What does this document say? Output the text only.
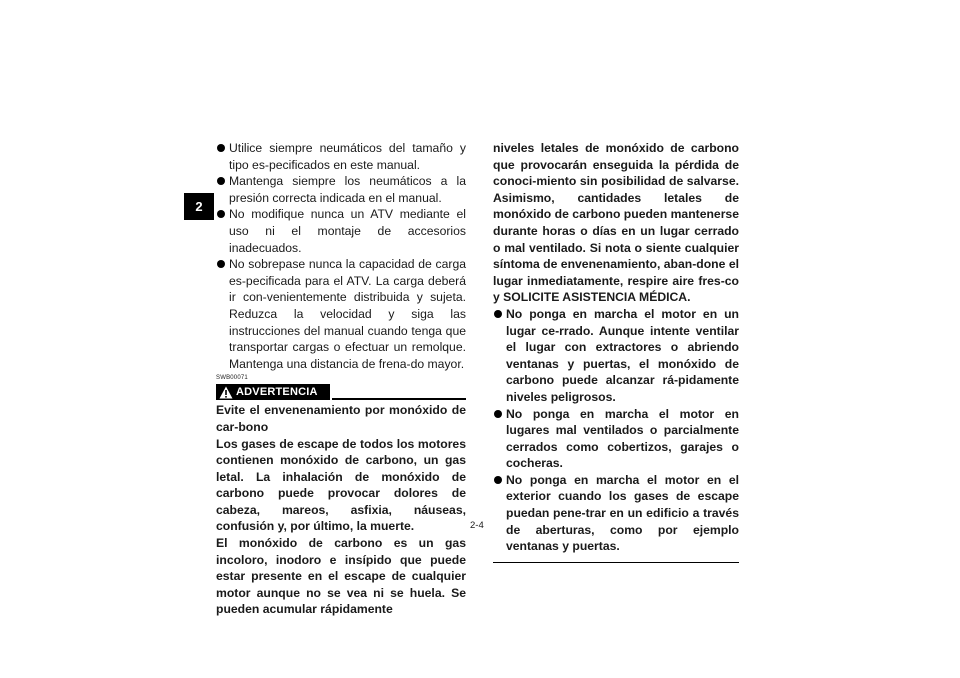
2
Utilice siempre neumáticos del tamaño y tipo es-pecificados en este manual.
Mantenga siempre los neumáticos a la presión correcta indicada en el manual.
No modifique nunca un ATV mediante el uso ni el montaje de accesorios inadecuados.
No sobrepase nunca la capacidad de carga es-pecificada para el ATV. La carga deberá ir con-venientemente distribuida y sujeta. Reduzca la velocidad y siga las instrucciones del manual cuando tenga que transportar cargas o efectuar un remolque. Mantenga una distancia de frena-do mayor.
SWB00071
ADVERTENCIA
Evite el envenenamiento por monóxido de car-bono
Los gases de escape de todos los motores contienen monóxido de carbono, un gas letal. La inhalación de monóxido de carbono puede provocar dolores de cabeza, mareos, asfixia, náuseas, confusión y, por último, la muerte.
El monóxido de carbono es un gas incoloro, inodoro e insípido que puede estar presente en el escape de cualquier motor aunque no se vea ni se huela. Se pueden acumular rápidamente
niveles letales de monóxido de carbono que provocarán enseguida la pérdida de conoci-miento sin posibilidad de salvarse. Asimismo, cantidades letales de monóxido de carbono pueden mantenerse durante horas o días en un lugar cerrado o mal ventilado. Si nota o siente cualquier síntoma de envenenamiento, aban-done el lugar inmediatamente, respire aire fres-co y SOLICITE ASISTENCIA MÉDICA.
No ponga en marcha el motor en un lugar ce-rrado. Aunque intente ventilar el lugar con extractores o abriendo ventanas y puertas, el monóxido de carbono puede alcanzar rá-pidamente niveles peligrosos.
No ponga en marcha el motor en lugares mal ventilados o parcialmente cerrados como cobertizos, garajes o cocheras.
No ponga en marcha el motor en el exterior cuando los gases de escape puedan pene-trar en un edificio a través de aberturas, como por ejemplo ventanas y puertas.
2-4
